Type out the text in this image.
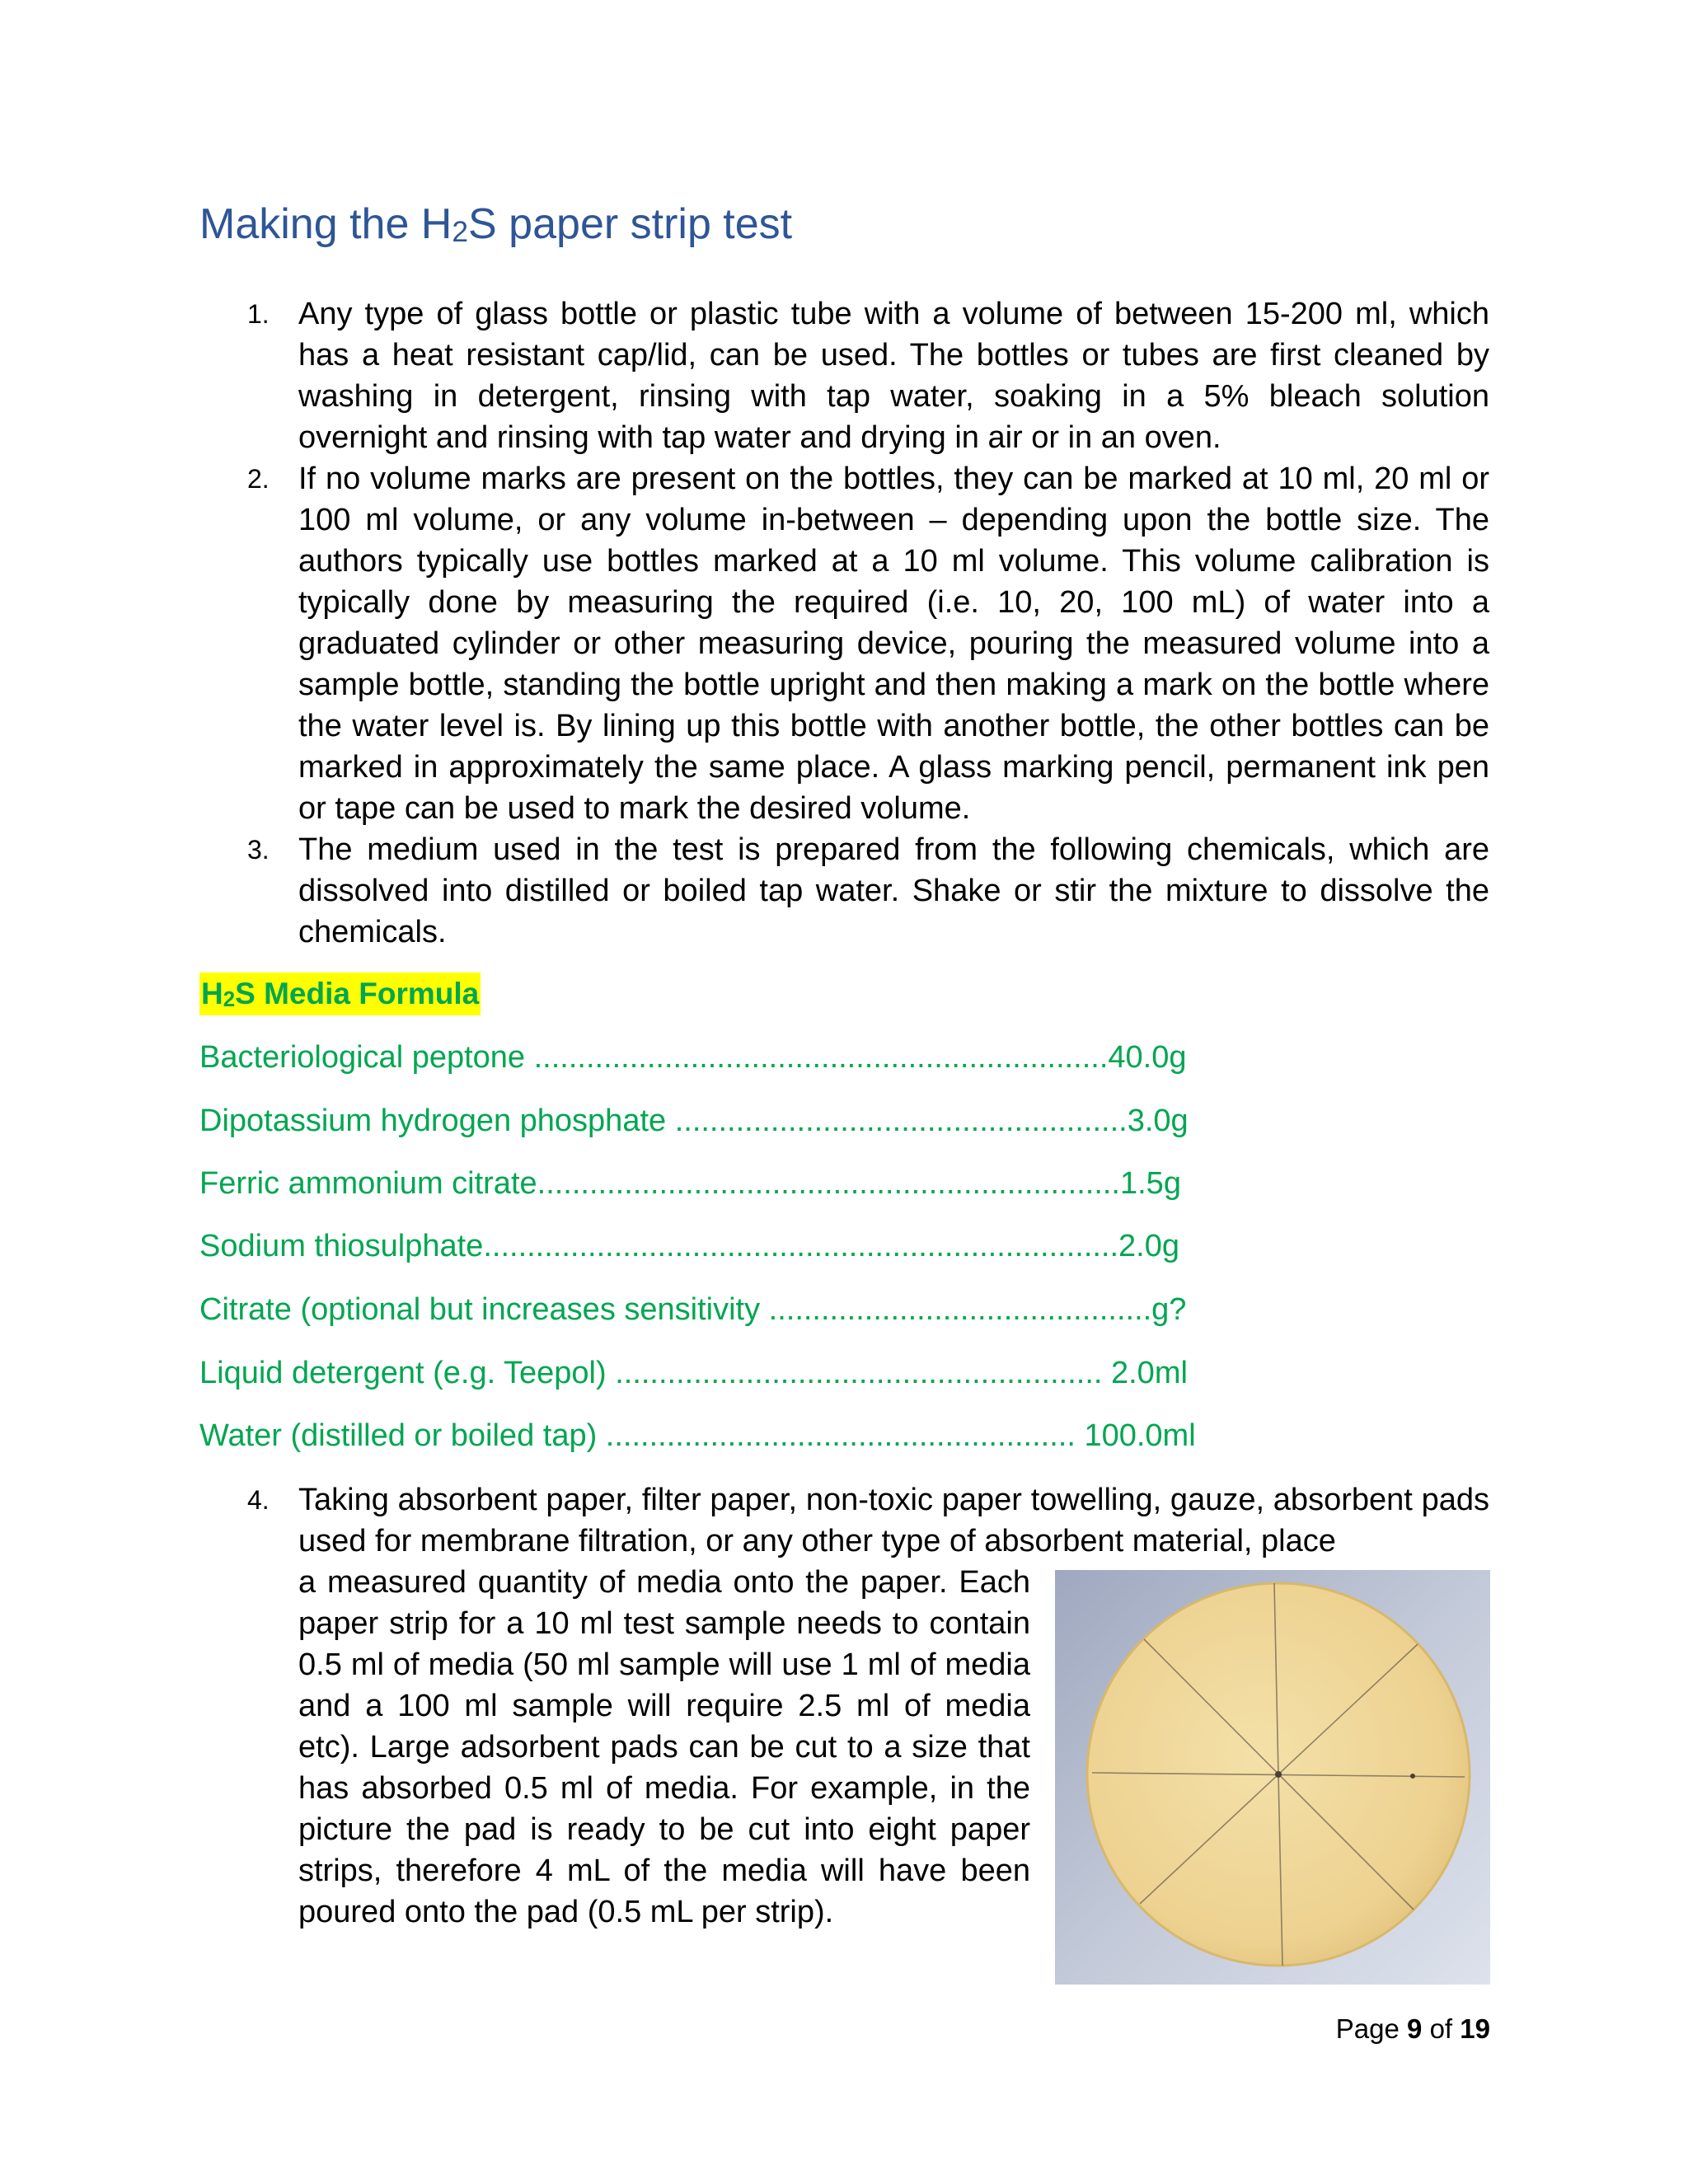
Making the H2S paper strip test
1. Any type of glass bottle or plastic tube with a volume of between 15-200 ml, which has a heat resistant cap/lid, can be used. The bottles or tubes are first cleaned by washing in detergent, rinsing with tap water, soaking in a 5% bleach solution overnight and rinsing with tap water and drying in air or in an oven.
2. If no volume marks are present on the bottles, they can be marked at 10 ml, 20 ml or 100 ml volume, or any volume in-between – depending upon the bottle size. The authors typically use bottles marked at a 10 ml volume. This volume calibration is typically done by measuring the required (i.e. 10, 20, 100 mL) of water into a graduated cylinder or other measuring device, pouring the measured volume into a sample bottle, standing the bottle upright and then making a mark on the bottle where the water level is. By lining up this bottle with another bottle, the other bottles can be marked in approximately the same place. A glass marking pencil, permanent ink pen or tape can be used to mark the desired volume.
3. The medium used in the test is prepared from the following chemicals, which are dissolved into distilled or boiled tap water. Shake or stir the mixture to dissolve the chemicals.
H2S Media Formula
Bacteriological peptone ..................................................................40.0g
Dipotassium hydrogen phosphate ....................................................3.0g
Ferric ammonium citrate...................................................................1.5g
Sodium thiosulphate.........................................................................2.0g
Citrate (optional but increases sensitivity ............................................g?
Liquid detergent (e.g. Teepol) ........................................................ 2.0ml
Water (distilled or boiled tap) ...................................................... 100.0ml
4. Taking absorbent paper, filter paper, non-toxic paper towelling, gauze, absorbent pads used for membrane filtration, or any other type of absorbent material, place
a measured quantity of media onto the paper. Each paper strip for a 10 ml test sample needs to contain 0.5 ml of media (50 ml sample will use 1 ml of media and a 100 ml sample will require 2.5 ml of media etc). Large adsorbent pads can be cut to a size that has absorbed 0.5 ml of media. For example, in the picture the pad is ready to be cut into eight paper strips, therefore 4 mL of the media will have been poured onto the pad (0.5 mL per strip).
Page 9 of 19
